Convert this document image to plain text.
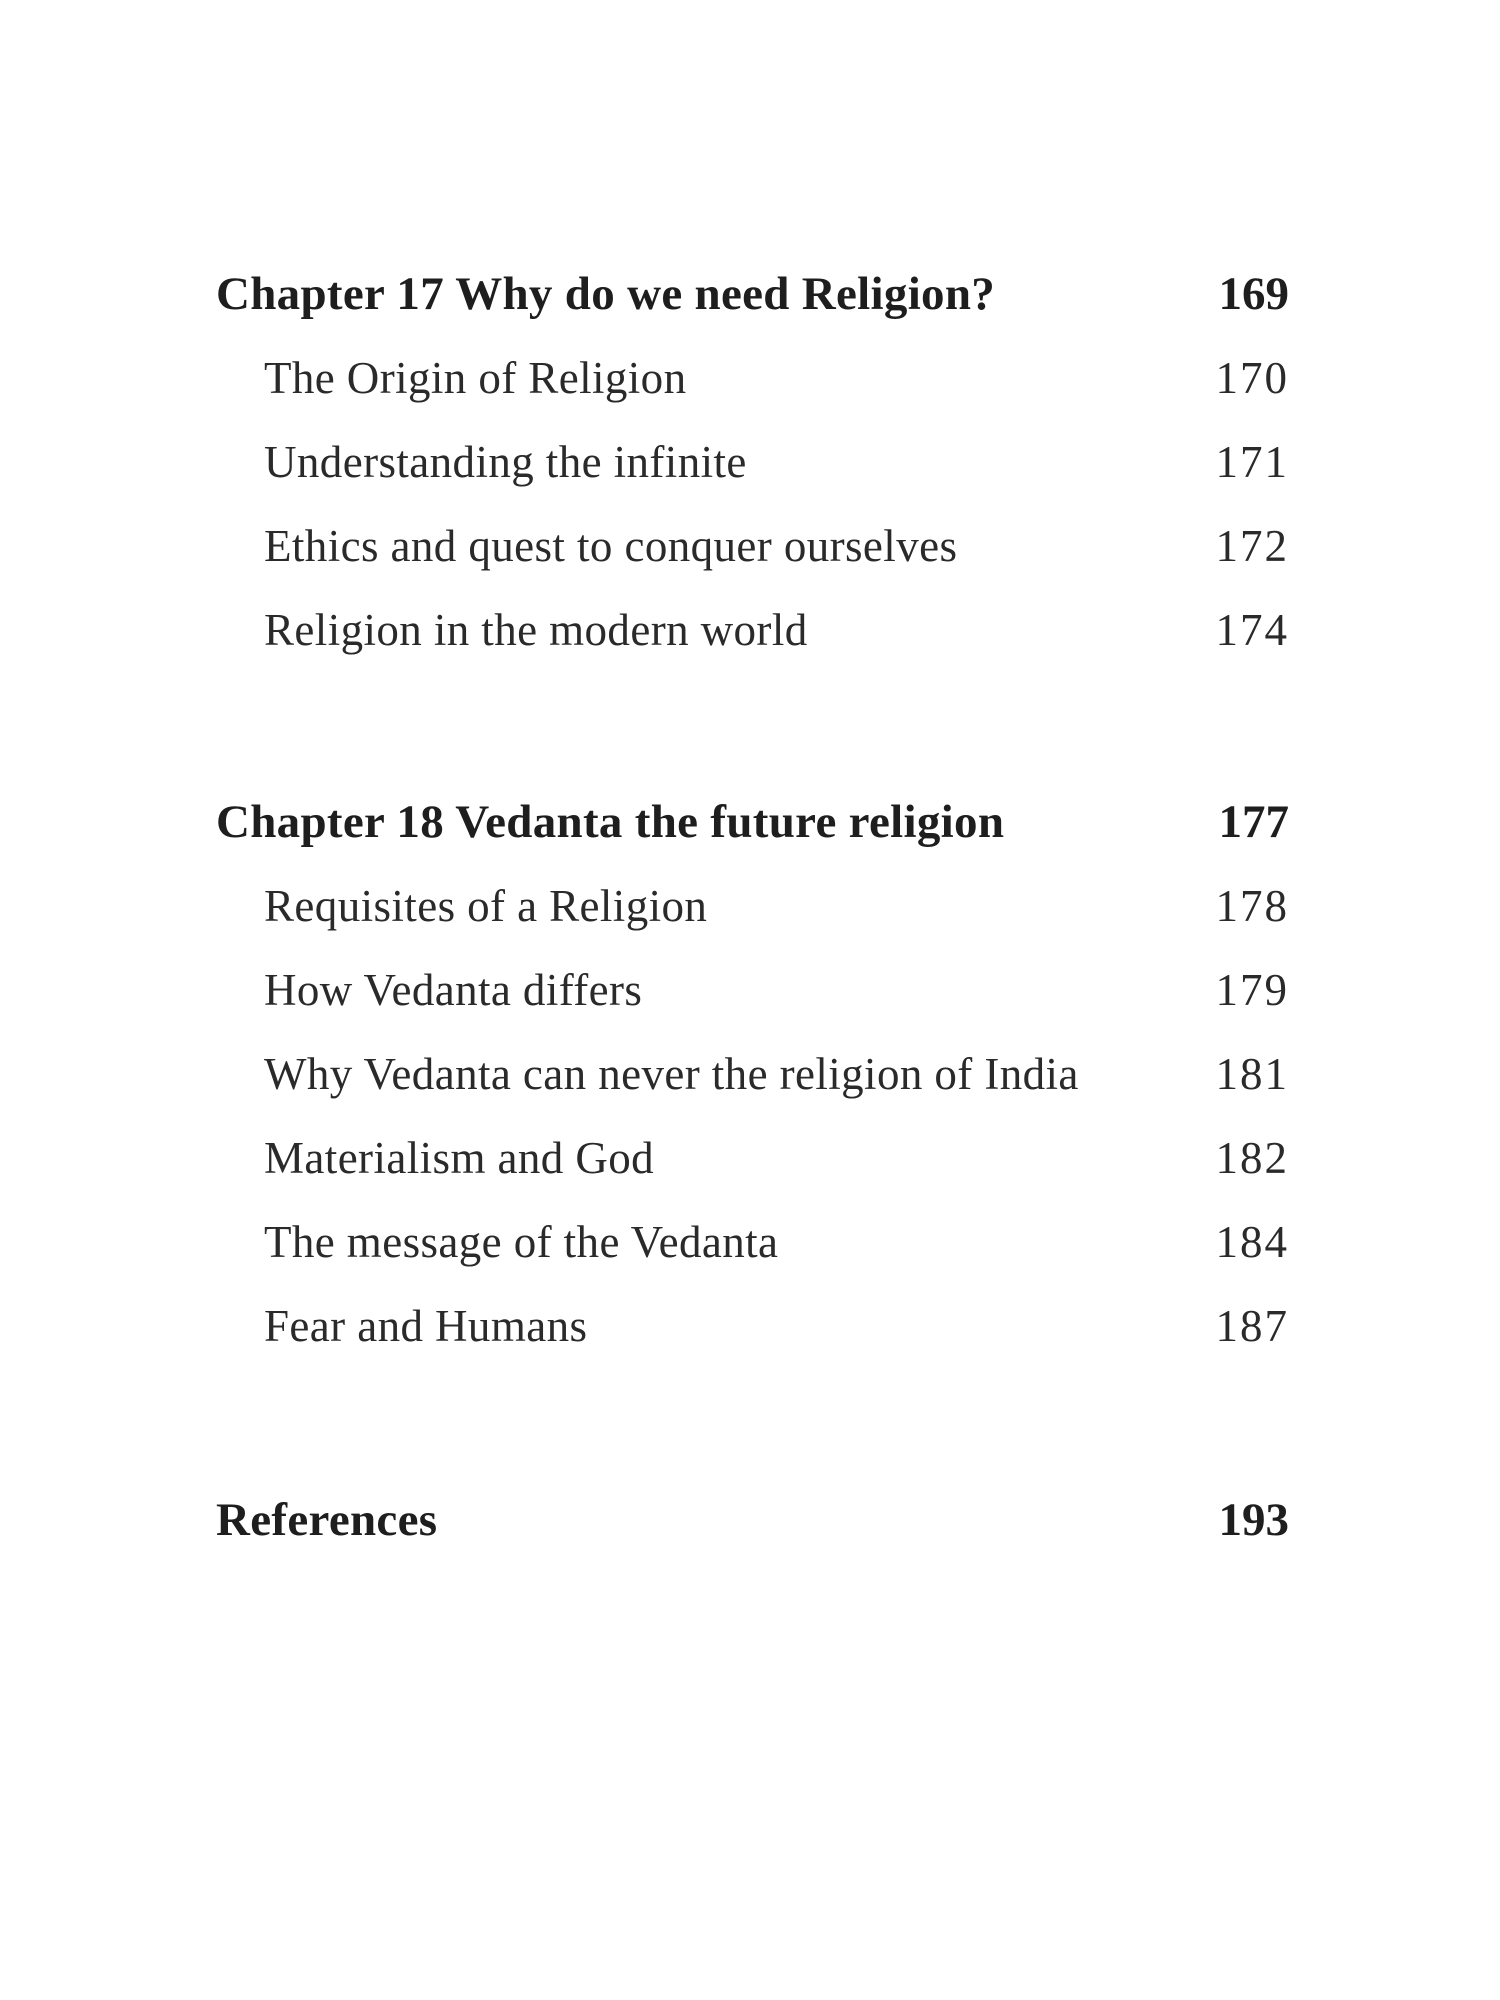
Chapter 17 Why do we need Religion?	169
The Origin of Religion	170
Understanding the infinite	171
Ethics and quest to conquer ourselves	172
Religion in the modern world	174
Chapter 18 Vedanta the future religion	177
Requisites of a Religion	178
How Vedanta differs	179
Why Vedanta can never the religion of India	181
Materialism and God	182
The message of the Vedanta	184
Fear and Humans	187
References	193
